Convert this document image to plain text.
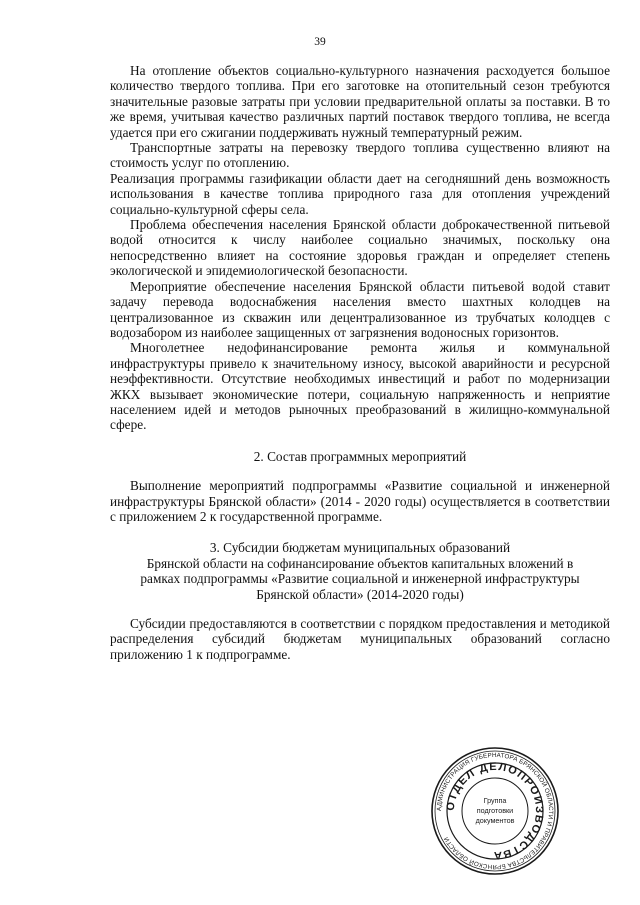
39

На отопление объектов социально-культурного назначения расходуется большое количество твердого топлива. При его заготовке на отопительный сезон требуются значительные разовые затраты при условии предварительной оплаты за поставки. В то же время, учитывая качество различных партий поставок твердого топлива, не всегда удается при его сжигании поддерживать нужный температурный режим.

Транспортные затраты на перевозку твердого топлива существенно влияют на стоимость услуг по отоплению.

Реализация программы газификации области дает на сегодняшний день возможность использования в качестве топлива природного газа для отопления учреждений социально-культурной сферы села.

Проблема обеспечения населения Брянской области доброкачественной питьевой водой относится к числу наиболее социально значимых, поскольку она непосредственно влияет на состояние здоровья граждан и определяет степень экологической и эпидемиологической безопасности.

Мероприятие обеспечение населения Брянской области питьевой водой ставит задачу перевода водоснабжения населения вместо шахтных колодцев на централизованное из скважин или децентрализованное из трубчатых колодцев с водозабором из наиболее защищенных от загрязнения водоносных горизонтов.

Многолетнее недофинансирование ремонта жилья и коммунальной инфраструктуры привело к значительному износу, высокой аварийности и ресурсной неэффективности. Отсутствие необходимых инвестиций и работ по модернизации ЖКХ вызывает экономические потери, социальную напряженность и неприятие населением идей и методов рыночных преобразований в жилищно-коммунальной сфере.

2. Состав программных мероприятий

Выполнение мероприятий подпрограммы «Развитие социальной и инженерной инфраструктуры Брянской области» (2014 - 2020 годы) осуществляется в соответствии с приложением 2 к государственной программе.

3. Субсидии бюджетам муниципальных образований

Брянской области на софинансирование объектов капитальных вложений в

рамках подпрограммы «Развитие социальной и инженерной инфраструктуры

Брянской области» (2014-2020 годы)

Субсидии предоставляются в соответствии с порядком предоставления и методикой распределения субсидий бюджетам муниципальных образований согласно приложению 1 к подпрограмме.

АДМИНИСТРАЦИЯ ГУБЕРНАТОРА БРЯНСКОЙ ОБЛАСТИ И ПРАВИТЕЛЬСТВА БРЯНСКОЙ ОБЛАСТИ
ОТДЕЛ ДЕЛОПРОИЗВОДСТВА
Группа
подготовки
документов
